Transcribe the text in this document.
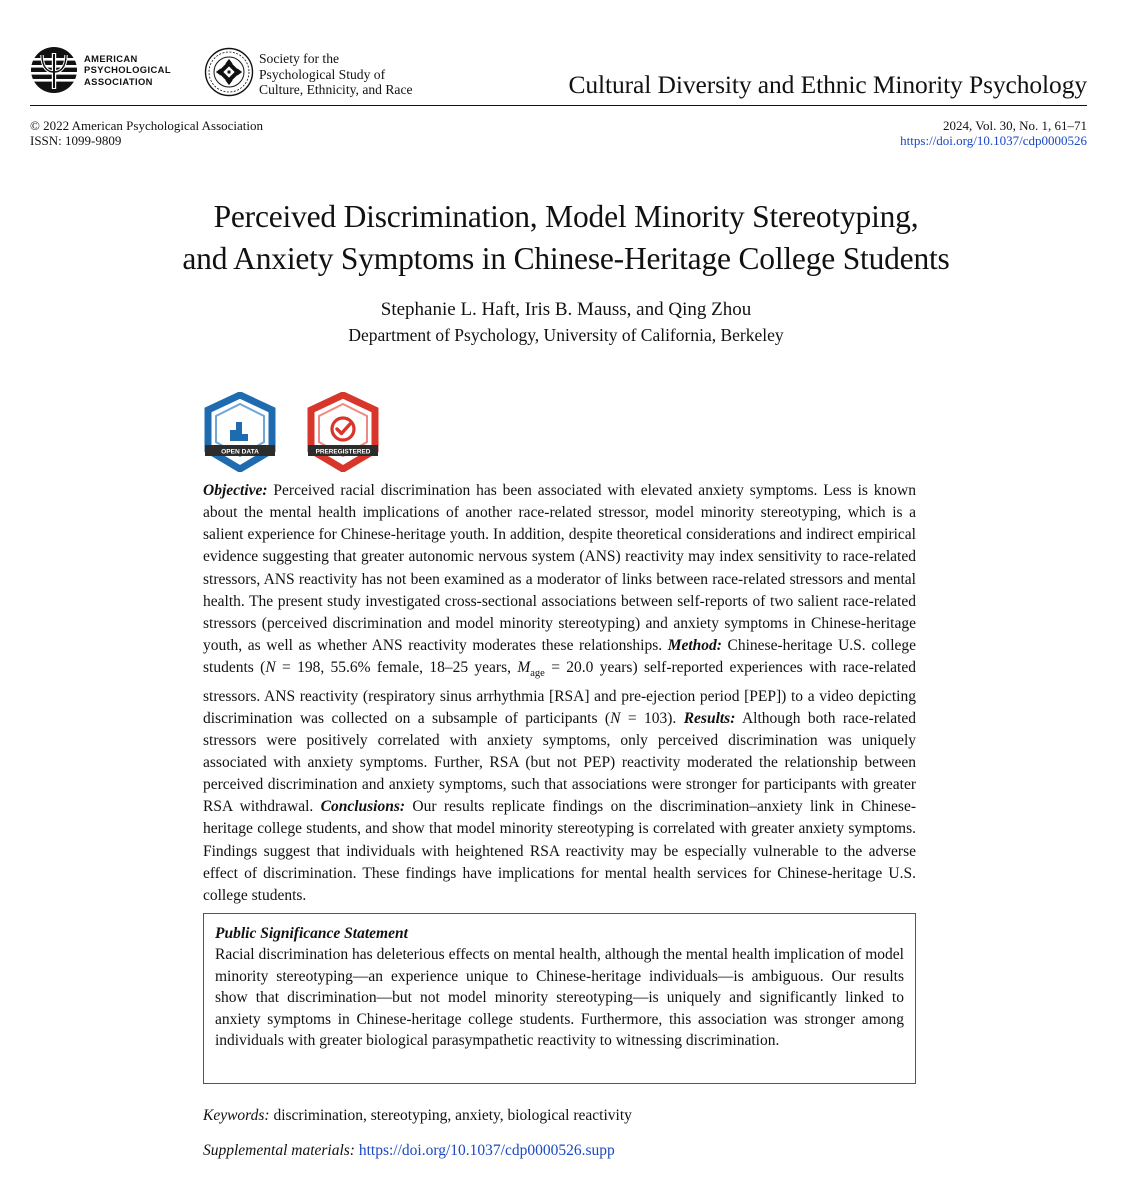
AMERICAN
PSYCHOLOGICAL
ASSOCIATION
Society for the
Psychological Study of
Culture, Ethnicity, and Race	Cultural Diversity and Ethnic Minority Psychology
© 2022 American Psychological Association
ISSN: 1099-9809
2024, Vol. 30, No. 1, 61–71
https://doi.org/10.1037/cdp0000526
Perceived Discrimination, Model Minority Stereotyping,
and Anxiety Symptoms in Chinese-Heritage College Students
Stephanie L. Haft, Iris B. Mauss, and Qing Zhou
Department of Psychology, University of California, Berkeley
OPEN DATA	PREREGISTERED
Objective: Perceived racial discrimination has been associated with elevated anxiety symptoms. Less is known about the mental health implications of another race-related stressor, model minority stereotyping, which is a salient experience for Chinese-heritage youth. In addition, despite theoretical considerations and indirect empirical evidence suggesting that greater autonomic nervous system (ANS) reactivity may index sensitivity to race-related stressors, ANS reactivity has not been examined as a moderator of links between race-related stressors and mental health. The present study investigated cross-sectional associations between self-reports of two salient race-related stressors (perceived discrimination and model minority stereotyping) and anxiety symptoms in Chinese-heritage youth, as well as whether ANS reactivity moderates these relationships. Method: Chinese-heritage U.S. college students (N = 198, 55.6% female, 18–25 years, $M_{age} = 20.0$ years) self-reported experiences with race-related stressors. ANS reactivity (respiratory sinus arrhythmia [RSA] and pre-ejection period [PEP]) to a video depicting discrimination was collected on a subsample of participants (N = 103). Results: Although both race-related stressors were positively correlated with anxiety symptoms, only perceived discrimination was uniquely associated with anxiety symptoms. Further, RSA (but not PEP) reactivity moderated the relationship between perceived discrimination and anxiety symptoms, such that associations were stronger for participants with greater RSA withdrawal. Conclusions: Our results replicate findings on the discrimination–anxiety link in Chinese-heritage college students, and show that model minority stereotyping is correlated with greater anxiety symptoms. Findings suggest that individuals with heightened RSA reactivity may be especially vulnerable to the adverse effect of discrimination. These findings have implications for mental health services for Chinese-heritage U.S. college students.
Public Significance Statement
Racial discrimination has deleterious effects on mental health, although the mental health implication of model minority stereotyping—an experience unique to Chinese-heritage individuals—is ambiguous. Our results show that discrimination—but not model minority stereotyping—is uniquely and significantly linked to anxiety symptoms in Chinese-heritage college students. Furthermore, this association was stronger among individuals with greater biological parasympathetic reactivity to witnessing discrimination.
Keywords: discrimination, stereotyping, anxiety, biological reactivity
Supplemental materials: https://doi.org/10.1037/cdp0000526.supp
